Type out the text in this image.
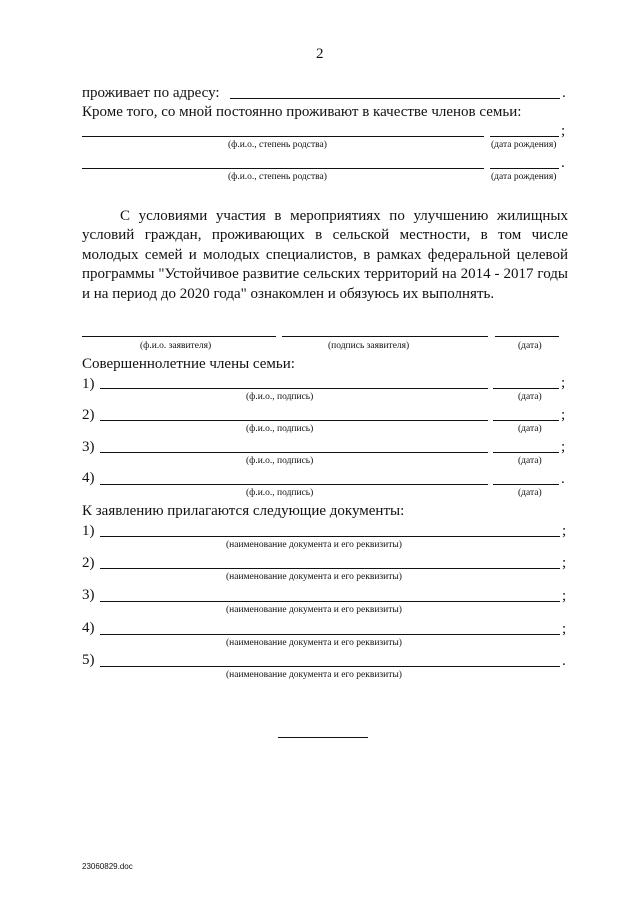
2
проживает по адресу:	.
Кроме того, со мной постоянно проживают в качестве членов семьи:
;
(ф.и.о., степень родства)	(дата рождения)
.
(ф.и.о., степень родства)	(дата рождения)
С условиями участия в мероприятиях по улучшению жилищных условий граждан, проживающих в сельской местности, в том числе молодых семей и молодых специалистов, в рамках федеральной целевой программы "Устойчивое развитие сельских территорий на 2014 - 2017 годы и на период до 2020 года" ознакомлен и обязуюсь их выполнять.
(ф.и.о. заявителя)	(подпись заявителя)	(дата)
Совершеннолетние члены семьи:
1)	;
(ф.и.о., подпись)	(дата)
2)	;
(ф.и.о., подпись)	(дата)
3)	;
(ф.и.о., подпись)	(дата)
4)	.
(ф.и.о., подпись)	(дата)
К заявлению прилагаются следующие документы:
1)	;
(наименование документа и его реквизиты)
2)	;
(наименование документа и его реквизиты)
3)	;
(наименование документа и его реквизиты)
4)	;
(наименование документа и его реквизиты)
5)	.
(наименование документа и его реквизиты)
23060829.doc
